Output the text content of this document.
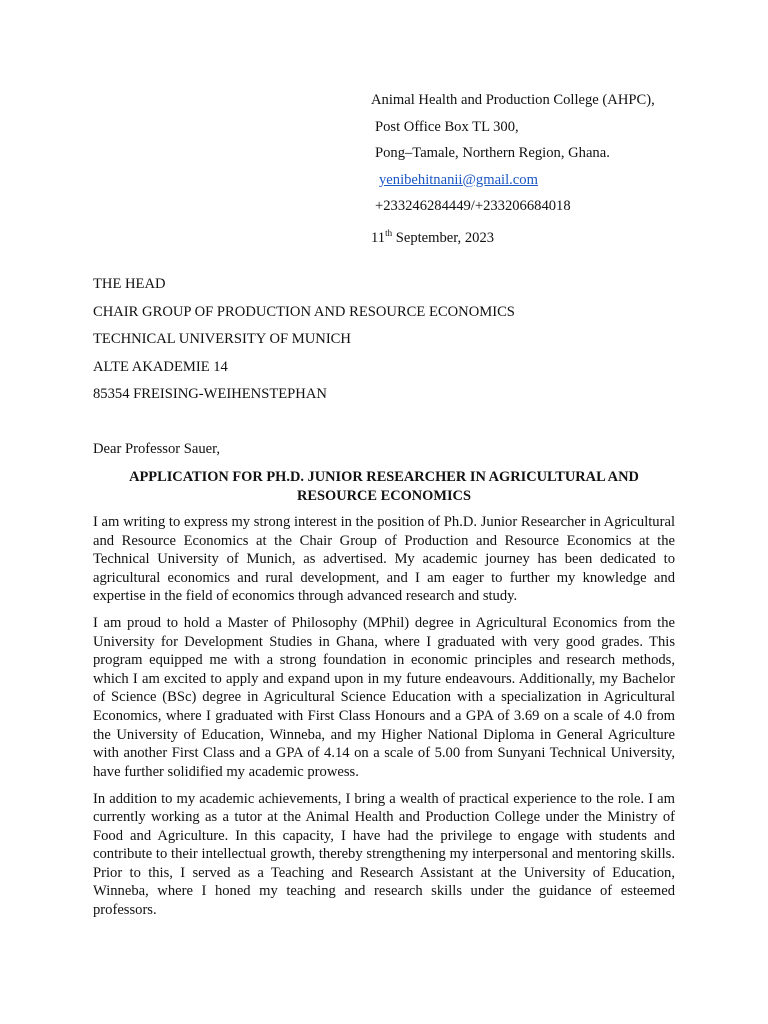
Animal Health and Production College (AHPC),
Post Office Box TL 300,
Pong–Tamale, Northern Region, Ghana.
yenibehitnanii@gmail.com
+233246284449/+233206684018
11th September, 2023
THE HEAD
CHAIR GROUP OF PRODUCTION AND RESOURCE ECONOMICS
TECHNICAL UNIVERSITY OF MUNICH
ALTE AKADEMIE 14
85354 FREISING-WEIHENSTEPHAN
Dear Professor Sauer,
APPLICATION FOR PH.D. JUNIOR RESEARCHER IN AGRICULTURAL AND RESOURCE ECONOMICS

I am writing to express my strong interest in the position of Ph.D. Junior Researcher in Agricultural and Resource Economics at the Chair Group of Production and Resource Economics at the Technical University of Munich, as advertised. My academic journey has been dedicated to agricultural economics and rural development, and I am eager to further my knowledge and expertise in the field of economics through advanced research and study.

I am proud to hold a Master of Philosophy (MPhil) degree in Agricultural Economics from the University for Development Studies in Ghana, where I graduated with very good grades. This program equipped me with a strong foundation in economic principles and research methods, which I am excited to apply and expand upon in my future endeavours. Additionally, my Bachelor of Science (BSc) degree in Agricultural Science Education with a specialization in Agricultural Economics, where I graduated with First Class Honours and a GPA of 3.69 on a scale of 4.0 from the University of Education, Winneba, and my Higher National Diploma in General Agriculture with another First Class and a GPA of 4.14 on a scale of 5.00 from Sunyani Technical University, have further solidified my academic prowess.

In addition to my academic achievements, I bring a wealth of practical experience to the role. I am currently working as a tutor at the Animal Health and Production College under the Ministry of Food and Agriculture. In this capacity, I have had the privilege to engage with students and contribute to their intellectual growth, thereby strengthening my interpersonal and mentoring skills. Prior to this, I served as a Teaching and Research Assistant at the University of Education, Winneba, where I honed my teaching and research skills under the guidance of esteemed professors.
